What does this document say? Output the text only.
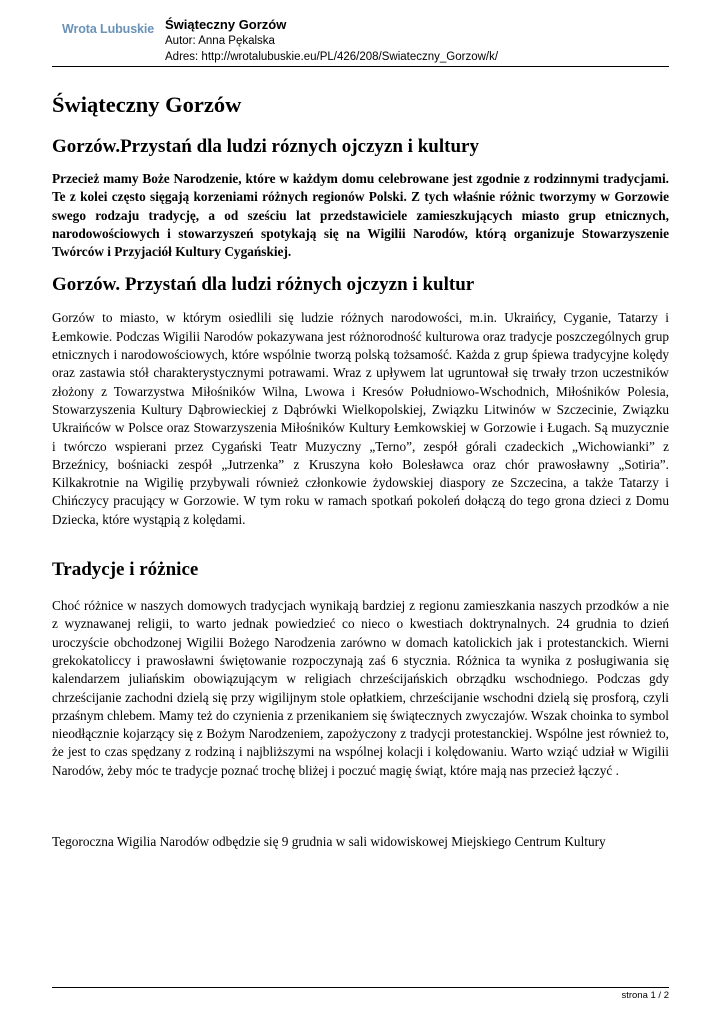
Wrota Lubuskie Świąteczny Gorzów
Autor: Anna Pękalska
Adres: http://wrotalubuskie.eu/PL/426/208/Swiateczny_Gorzow/k/
Świąteczny Gorzów
Gorzów.Przystań dla ludzi róznych ojczyzn i kultury

Przecież mamy Boże Narodzenie, które w każdym domu celebrowane jest zgodnie z rodzinnymi tradycjami. Te z kolei często sięgają korzeniami różnych regionów Polski. Z tych właśnie różnic tworzymy w Gorzowie swego rodzaju tradycję, a od sześciu lat przedstawiciele zamieszkujących miasto grup etnicznych, narodowościowych i stowarzyszeń spotykają się na Wigilii Narodów, którą organizuje Stowarzyszenie Twórców i Przyjaciół Kultury Cygańskiej.

Gorzów. Przystań dla ludzi różnych ojczyzn i kultur

Gorzów to miasto, w którym osiedlili się ludzie różnych narodowości, m.in. Ukraińcy, Cyganie, Tatarzy i Łemkowie. Podczas Wigilii Narodów pokazywana jest różnorodność kulturowa oraz tradycje poszczególnych grup etnicznych i narodowościowych, które wspólnie tworzą polską tożsamość. Każda z grup śpiewa tradycyjne kolędy oraz zastawia stół charakterystycznymi potrawami. Wraz z upływem lat ugruntował się trwały trzon uczestników złożony z Towarzystwa Miłośników Wilna, Lwowa i Kresów Południowo-Wschodnich, Miłośników Polesia, Stowarzyszenia Kultury Dąbrowieckiej z Dąbrówki Wielkopolskiej, Związku Litwinów w Szczecinie, Związku Ukraińców w Polsce oraz Stowarzyszenia Miłośników Kultury Łemkowskiej w Gorzowie i Ługach. Są muzycznie i twórczo wspierani przez Cygański Teatr Muzyczny „Terno”, zespół górali czadeckich „Wichowianki” z Brzeźnicy, bośniacki zespół „Jutrzenka” z Kruszyna koło Bolesławca oraz chór prawosławny „Sotiria”. Kilkakrotnie na Wigilię przybywali również członkowie żydowskiej diaspory ze Szczecina, a także Tatarzy i Chińczycy pracujący w Gorzowie. W tym roku w ramach spotkań pokoleń dołączą do tego grona dzieci z Domu Dziecka, które wystąpią z kolędami.

Tradycje i różnice

Choć różnice w naszych domowych tradycjach wynikają bardziej z regionu zamieszkania naszych przodków a nie z wyznawanej religii, to warto jednak powiedzieć co nieco o kwestiach doktrynalnych. 24 grudnia to dzień uroczyście obchodzonej Wigilii Bożego Narodzenia zarówno w domach katolickich jak i protestanckich. Wierni grekokatoliccy i prawosławni świętowanie rozpoczynają zaś 6 stycznia. Różnica ta wynika z posługiwania się kalendarzem juliańskim obowiązującym w religiach chrześcijańskich obrządku wschodniego. Podczas gdy chrześcijanie zachodni dzielą się przy wigilijnym stole opłatkiem, chrześcijanie wschodni dzielą się prosforą, czyli przaśnym chlebem. Mamy też do czynienia z przenikaniem się świątecznych zwyczajów. Wszak choinka to symbol nieodłącznie kojarzący się z Bożym Narodzeniem, zapożyczony z tradycji protestanckiej. Wspólne jest również to, że jest to czas spędzany z rodziną i najbliższymi na wspólnej kolacji i kolędowaniu. Warto wziąć udział w Wigilii Narodów, żeby móc te tradycje poznać trochę bliżej i poczuć magię świąt, które mają nas przecież łączyć .

Tegoroczna Wigilia Narodów odbędzie się 9 grudnia w sali widowiskowej Miejskiego Centrum Kultury

strona 1 / 2
